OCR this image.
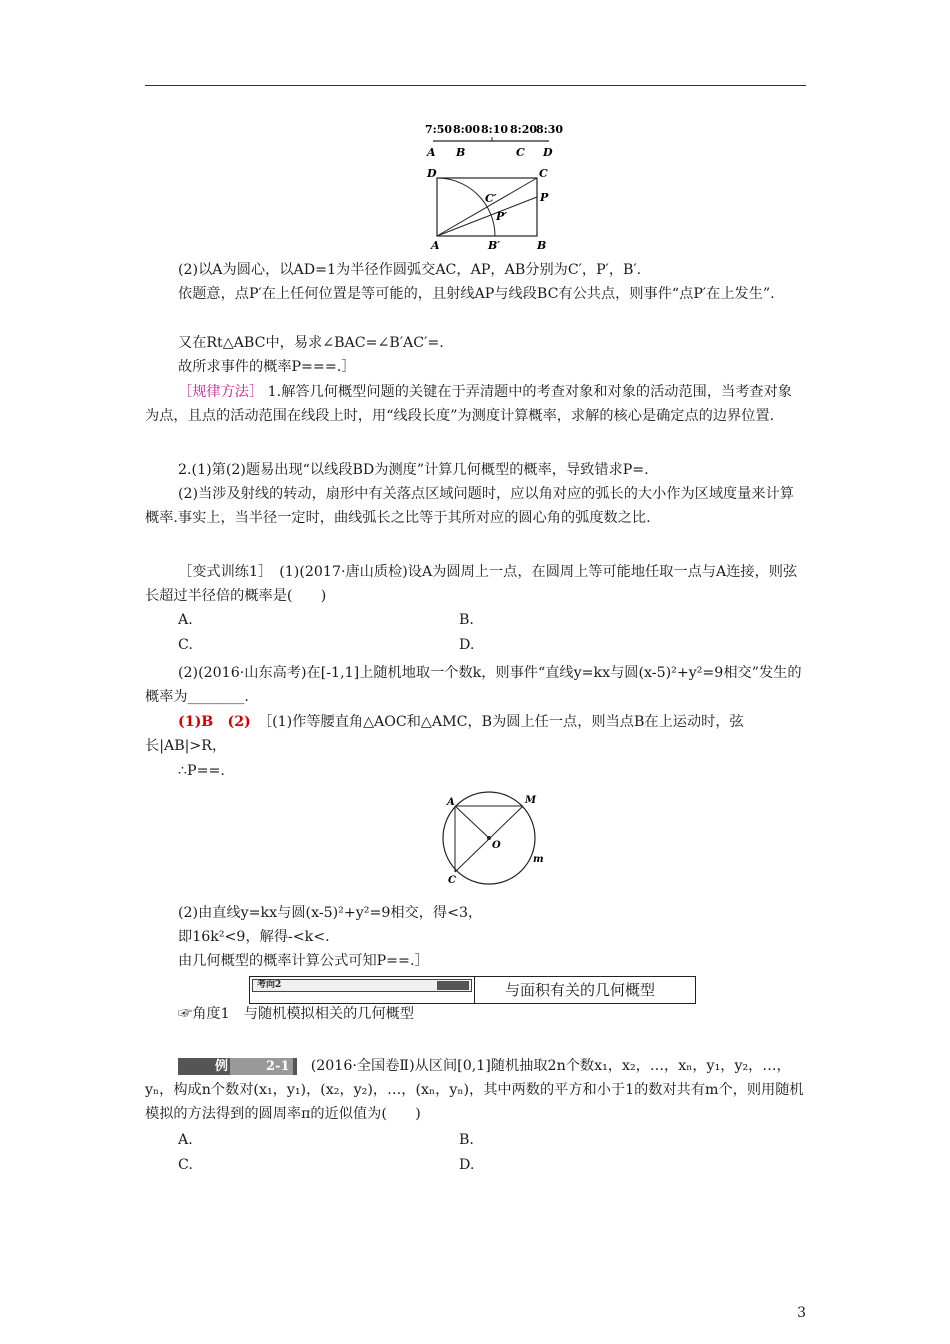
7:50 8:00 8:10 8:20
8:30
A B	C D
D	C
C′	P
P′
A	B′	B

(2)以A为圆心，以AD=1为半径作圆弧交AC，AP，AB分别为C′，P′，B′.

依题意，点P′在上任何位置是等可能的，且射线AP与线段BC有公共点，则事件“点P′在上发生”.

又在Rt△ABC中，易求∠BAC=∠B′AC′=.

故所求事件的概率P===.］

［规律方法］ 1.解答几何概型问题的关键在于弄清题中的考查对象和对象的活动范围，当考查对象为点，且点的活动范围在线段上时，用“线段长度”为测度计算概率，求解的核心是确定点的边界位置.

2.(1)第(2)题易出现“以线段BD为测度”计算几何概型的概率，导致错求P=.

(2)当涉及射线的转动，扇形中有关落点区域问题时，应以角对应的弧长的大小作为区域度量来计算概率.事实上，当半径一定时，曲线弧长之比等于其所对应的圆心角的弧度数之比.

［变式训练1］　(1)(2017·唐山质检)设A为圆周上一点，在圆周上等可能地任取一点与A连接，则弦长超过半径倍的概率是(　　)

A.	B.
C.	D.

(2)(2016·山东高考)在[-1,1]上随机地取一个数k，则事件“直线y=kx与圆(x-5)²+y²=9相交”发生的概率为________.

(1)B　(2)　 ［(1)作等腰直角△AOC和△AMC，B为圆上任一点，则当点B在上运动时，弦长|AB|>R，

∴P==.

A	M
O
C
m

(2)由直线y=kx与圆(x-5)²+y²=9相交，得<3，

即16k²<9，解得-<k<.

由几何概型的概率计算公式可知P==.］

考向2	与面积有关的几何概型

☞角度1　与随机模拟相关的几何概型

例	2-1　 (2016·全国卷Ⅱ)从区间[0,1]随机抽取2n个数x₁，x₂，…，xₙ，y₁，y₂，…，yₙ，构成n个数对(x₁，y₁)，(x₂，y₂)，…，(xₙ，yₙ)，其中两数的平方和小于1的数对共有m个，则用随机模拟的方法得到的圆周率π的近似值为(　　)

A.	B.
C.	D.
3
